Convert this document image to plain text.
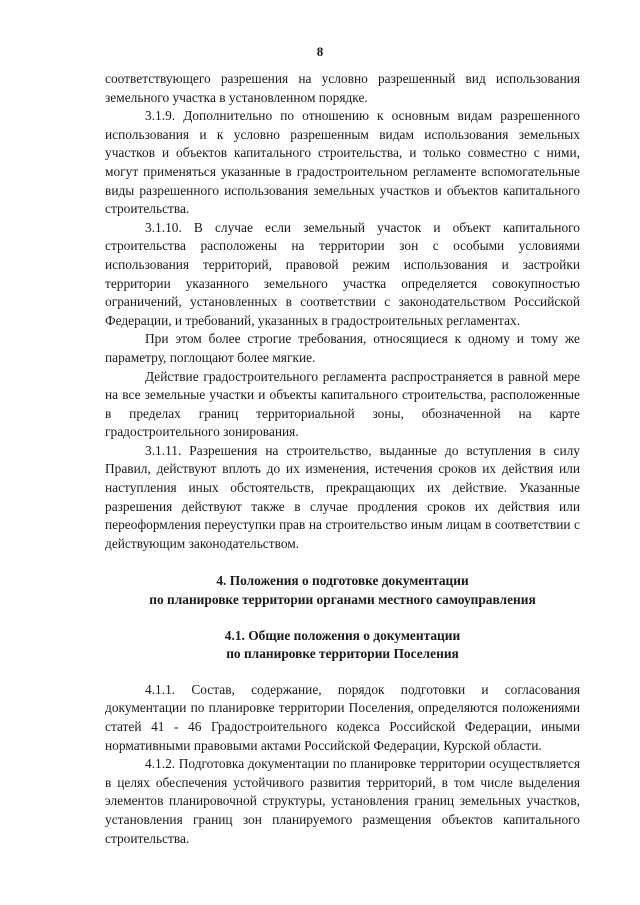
8

соответствующего разрешения на условно разрешенный вид использования земельного участка в установленном порядке.

3.1.9. Дополнительно по отношению к основным видам разрешенного использования и к условно разрешенным видам использования земельных участков и объектов капитального строительства, и только совместно с ними, могут применяться указанные в градостроительном регламенте вспомогательные виды разрешенного использования земельных участков и объектов капитального строительства.

3.1.10. В случае если земельный участок и объект капитального строительства расположены на территории зон с особыми условиями использования территорий, правовой режим использования и застройки территории указанного земельного участка определяется совокупностью ограничений, установленных в соответствии с законодательством Российской Федерации, и требований, указанных в градостроительных регламентах.

При этом более строгие требования, относящиеся к одному и тому же параметру, поглощают более мягкие.

Действие градостроительного регламента распространяется в равной мере на все земельные участки и объекты капитального строительства, расположенные в пределах границ территориальной зоны, обозначенной на карте градостроительного зонирования.

3.1.11. Разрешения на строительство, выданные до вступления в силу Правил, действуют вплоть до их изменения, истечения сроков их действия или наступления иных обстоятельств, прекращающих их действие. Указанные разрешения действуют также в случае продления сроков их действия или переоформления переуступки прав на строительство иным лицам в соответствии с действующим законодательством.

4. Положения о подготовке документации
по планировке территории органами местного самоуправления
4.1. Общие положения о документации
по планировке территории Поселения

4.1.1. Состав, содержание, порядок подготовки и согласования документации по планировке территории Поселения, определяются положениями статей 41 - 46 Градостроительного кодекса Российской Федерации, иными нормативными правовыми актами Российской Федерации, Курской области.

4.1.2. Подготовка документации по планировке территории осуществляется в целях обеспечения устойчивого развития территорий, в том числе выделения элементов планировочной структуры, установления границ земельных участков, установления границ зон планируемого размещения объектов капитального строительства.
